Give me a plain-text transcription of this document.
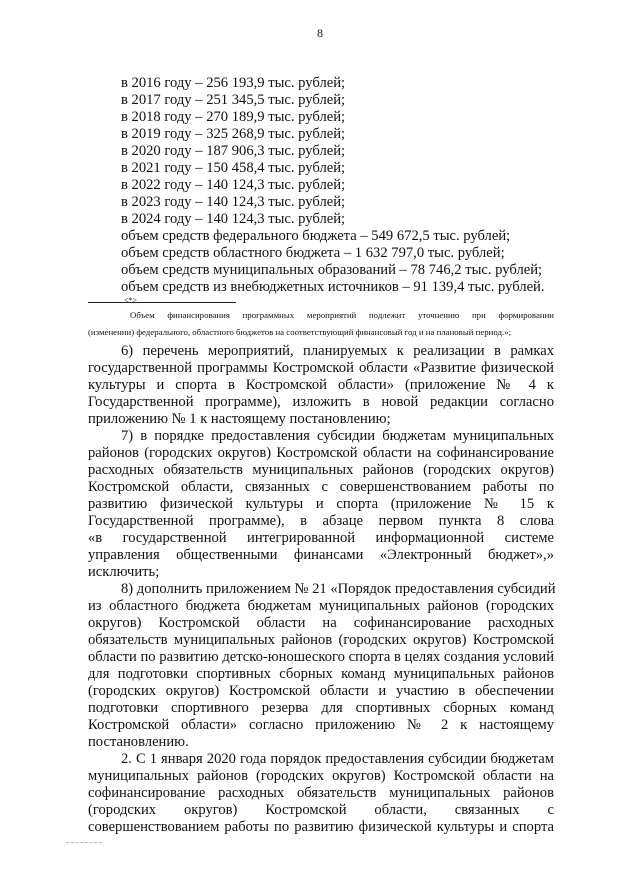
8
в 2016 году – 256 193,9 тыс. рублей;
в 2017 году – 251 345,5 тыс. рублей;
в 2018 году – 270 189,9 тыс. рублей;
в 2019 году – 325 268,9 тыс. рублей;
в 2020 году – 187 906,3 тыс. рублей;
в 2021 году – 150 458,4 тыс. рублей;
в 2022 году – 140 124,3 тыс. рублей;
в 2023 году – 140 124,3 тыс. рублей;
в 2024 году – 140 124,3 тыс. рублей;
объем средств федерального бюджета – 549 672,5 тыс. рублей;
объем средств областного бюджета – 1 632 797,0 тыс. рублей;
объем средств муниципальных образований – 78 746,2 тыс. рублей;
объем средств из внебюджетных источников – 91 139,4 тыс. рублей.
<*>
Объем финансирования программных мероприятий подлежит уточнению при формировании
(изменении) федерального, областного бюджетов на соответствующий финансовый год и на плановый период.»;
6) перечень мероприятий, планируемых к реализации в рамках
государственной программы Костромской области «Развитие физической
культуры и спорта в Костромской области» (приложение № 4 к
Государственной программе), изложить в новой редакции согласно
приложению № 1 к настоящему постановлению;
7) в порядке предоставления субсидии бюджетам муниципальных
районов (городских округов) Костромской области на софинансирование
расходных обязательств муниципальных районов (городских округов)
Костромской области, связанных с совершенствованием работы по
развитию физической культуры и спорта (приложение № 15 к
Государственной программе), в абзаце первом пункта 8 слова
«в государственной интегрированной информационной системе
управления общественными финансами «Электронный бюджет»,»
исключить;
8) дополнить приложением № 21 «Порядок предоставления субсидий
из областного бюджета бюджетам муниципальных районов (городских
округов) Костромской области на софинансирование расходных
обязательств муниципальных районов (городских округов) Костромской
области по развитию детско-юношеского спорта в целях создания условий
для подготовки спортивных сборных команд муниципальных районов
(городских округов) Костромской области и участию в обеспечении
подготовки спортивного резерва для спортивных сборных команд
Костромской области» согласно приложению № 2 к настоящему
постановлению.
2. С 1 января 2020 года порядок предоставления субсидии бюджетам
муниципальных районов (городских округов) Костромской области на
софинансирование расходных обязательств муниципальных районов
(городских округов) Костромской области, связанных с
совершенствованием работы по развитию физической культуры и спорта
